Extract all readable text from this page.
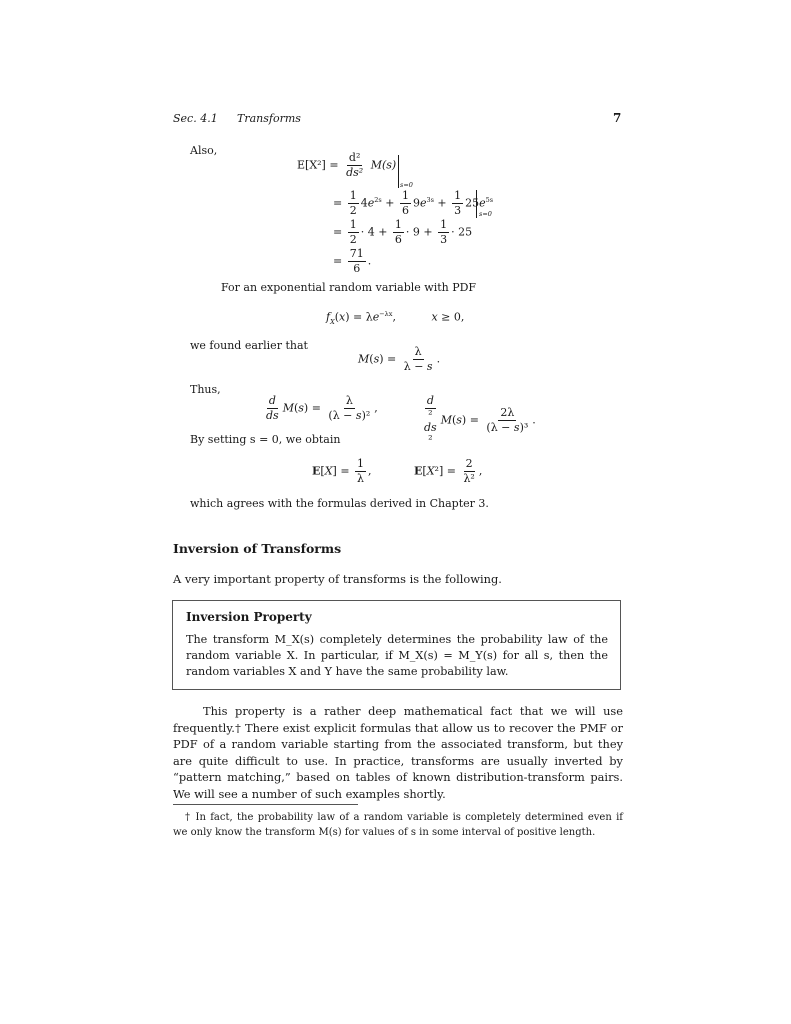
Sec. 4.1 Transforms	7
Also,
$E[X^2] = \frac{\text{d²}}{\text{ds²}} M(s)$
s=0
= $\frac{1}{2} 4e^{2s} + \frac{1}{6} 9e^{3s} + \frac{1}{3} 25e^{5s}$
s=0
= $\frac{1}{2} \cdot 4 + \frac{1}{6} \cdot 9 + \frac{1}{3} \cdot 25$
= $\frac{71}{6}$ .
For an exponential random variable with PDF
$f_X(x) = \lambda e^{-\lambda x}$,	x ≥ 0,
we found earlier that
$M(s) = \frac{\lambda}{\lambda - s}$ .
Thus,
$\frac{d}{ds} M(s) = \frac{\lambda}{\text{(λ − s)²}}$ ,
d
²
ds
$^2M(s) = \frac{2\lambda}{\text{(λ − s)³}}$ .
By setting s = 0, we obtain
$E[X] = \frac{1}{\lambda}$ ,	$E[X^2] = \frac{2}{\text{λ²}}$ ,
which agrees with the formulas derived in Chapter 3.
Inversion of Transforms
A very important property of transforms is the following.
Inversion Property
The transform M_X(s) completely determines the probability law of the random variable X. In particular, if M_X(s) = M_Y(s) for all s, then the random variables X and Y have the same probability law.
This property is a rather deep mathematical fact that we will use frequently.† There exist explicit formulas that allow us to recover the PMF or PDF of a random variable starting from the associated transform, but they are quite difficult to use. In practice, transforms are usually inverted by “pattern matching,” based on tables of known distribution-transform pairs. We will see a number of such examples shortly.
† In fact, the probability law of a random variable is completely determined even if we only know the transform M(s) for values of s in some interval of positive length.
